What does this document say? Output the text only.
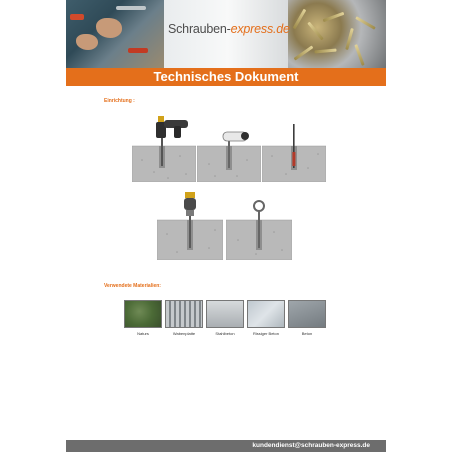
Schrauben-express.de
Technisches Dokument
Einrichtung :
Verwendete Materialien:
Naturs	Wabenplatte	Stahlbeton	Rissiger Beton	Beton
kundendienst@schrauben-express.de
